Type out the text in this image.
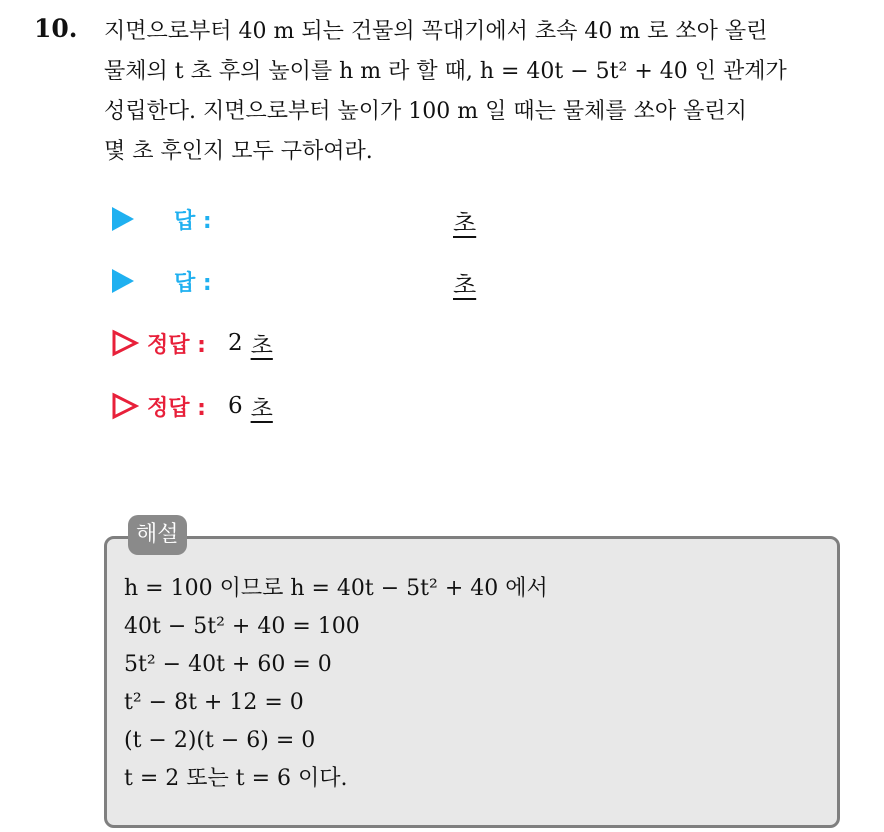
10. 지면으로부터 40 m 되는 건물의 꼭대기에서 초속 40 m 로 쏘아 올린
물체의 t 초 후의 높이를 h m 라 할 때, h = 40t − 5t² + 40 인 관계가
성립한다. 지면으로부터 높이가 100 m 일 때는 물체를 쏘아 올린지
몇 초 후인지 모두 구하여라.
답 :	초
답 :	초
정답 : 2 초
정답 : 6 초
해설
h = 100 이므로 h = 40t − 5t² + 40 에서
40t − 5t² + 40 = 100
5t² − 40t + 60 = 0
t² − 8t + 12 = 0
(t − 2)(t − 6) = 0
t = 2 또는 t = 6 이다.
